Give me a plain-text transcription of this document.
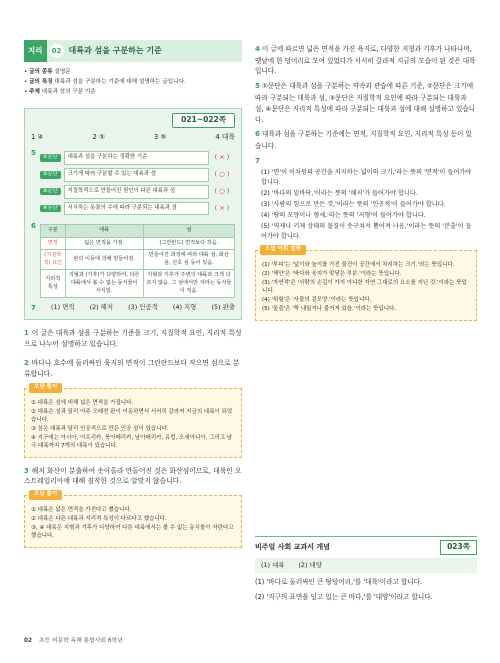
지리	02 대륙과 섬을 구분하는 기준
• 글의 종류 설명문
• 글의 특징 대륙과 섬을 구분하는 기준에 대해 설명하는 글입니다.
• 주제 대륙과 섬의 구분 기준
021~022쪽
1 ④	2 ⑤	3 ⑤	4 대륙
5
①문단	대륙과 섬을 구분하는 정확한 기준	( × )
②문단	크기에 따라 구분할 수 있는 대륙과 섬	( ○ )
③문단	지질학적으로 만들어진 원인이 다른 대륙과 섬	( ○ )
④문단	서식하는 동물의 수에 따라 구분되는 대륙과 섬	( × )
6 구분	대륙	섬
면적	넓은 면적을 가짐.	(그린란드) 면적보다 작음.
(지질학적) 요인	판의 이동에 의해 만들어짐.	만들어진 과정에 따라 대륙 섬, 화산섬, 산호 섬 등이 있음.
지리적 특성	지형과 (기후)가 다양하여, 다른 대륙에서 볼 수 없는 동식물이 서식함.	지형과 기후가 주변의 대륙과 크게 다르지 않음. 그 섬에서만 자라는 동식물이 적음.
7 (1) 면적 (2) 해저 (3) 인공적 (4) 지형 (5) 판출
1 이 글은 대륙과 섬을 구분하는 기준을 크기, 지질학적 요인, 지리적 특성으로 나누어 설명하고 있습니다.
2 바다나 호수에 둘러싸인 육지의 면적이 그린란드보다 작으면 섬으로 분류합니다.
오답 풀이
① 대륙은 섬에 비해 넓은 면적을 가집니다.
② 대륙은 섬과 달리 아주 오래전 판이 이동하면서 서서히 갈라져 지금의 대륙이 되었습니다.
③ 섬은 대륙과 달리 인공적으로 만든 인공 섬이 있습니다.
④ 지구에는 아시아, 아프리카, 북아메리카, 남아메리카, 유럽, 오세아니아, 그리고 남극 대륙까지 7개의 대륙이 있습니다.
3 해저 화산이 분출하여 솟아올라 만들어진 것은 화산섬이므로, 대륙인 오스트레일리아에 대해 짐작한 것으로 알맞지 않습니다.
오답 풀이
① 대륙은 넓은 면적을 가진다고 했습니다.
② 대륙은 다른 대륙과 지리적 특성이 다르다고 했습니다.
③, ④ 대륙은 지형과 기후가 다양하여 다른 대륙에서는 볼 수 없는 동식물이 자란다고 했습니다.
4 이 글에 따르면 넓은 면적을 가진 육지로, 다양한 지형과 기후가 나타나며, 옛날에 한 덩어리로 모여 있었다가 서서히 갈라져 지금의 모습이 된 것은 대륙입니다.
5 ①문단은 대륙과 섬을 구분하는 약속과 관습에 따른 기준, ②문단은 크기에 따라 구분되는 대륙과 섬, ③문단은 지질학적 요인에 따라 구분되는 대륙과 섬, ④문단은 지리적 특성에 따라 구분되는 대륙과 섬에 대해 설명하고 있습니다.
6 대륙과 섬을 구분하는 기준에는 면적, 지질학적 요인, 지리적 특성 등이 있습니다.
7
(1) '면'이 이차원의 공간을 차지하는 넓이의 크기,'라는 뜻의 '면적'이 들어가야 합니다.
(2) '바다의 밑바닥,'이라는 뜻의 '해저'가 들어가야 합니다.
(3) '사람의 힘으로 만든 것,'이라는 뜻의 '인공적'이 들어가야 합니다.
(4) '땅의 모양이나 형세,'라는 뜻의 '지형'이 들어가야 합니다.
(5) '역제나 키제 상태의 물질이 솟구쳐서 뿜어져 나옴,'이라는 뜻의 '분출'이 들어가야 합니다.
오답 어휘 설명
(1) '부피'는 '넓이와 높이를 가진 물건이 공간에서 차지하는 크기.'라는 뜻입니다.
(2) '해안'은 '바다와 육지가 맞닿은 부분.'이라는 뜻입니다.
(3) '자연적'은 '사람의 손길이 가지 아니한 자연 그대로의 요소를 지닌 것.'이라는 뜻입니다.
(4) '위험'은 '사물의 겉모양.'이라는 뜻입니다.
(5) '돌출'은 '쑥 내밀거나 불거져 있음.'이라는 뜻입니다.
비주얼 사회 교과서 개념	023쪽
(1) 대륙 (2) 대양
(1) '바다로 둘러싸인 큰 땅덩어리,'를 '대륙'이라고 합니다.
(2) '지구의 표면을 덮고 있는 큰 바다,'를 '대양'이라고 합니다.
02 초등 비문학 독해 통합사회 6학년
